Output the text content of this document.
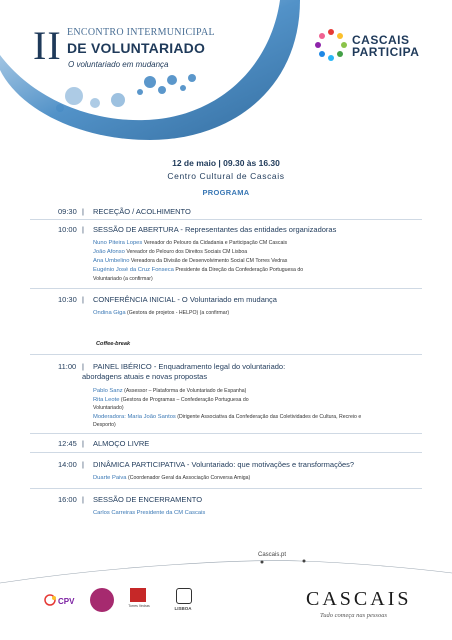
II ENCONTRO INTERMUNICIPAL
DE VOLUNTARIADO
O voluntariado em mudança
CASCAIS
PARTICIPA
12 de maio | 09.30 às 16.30
Centro Cultural de Cascais
PROGRAMA
09:30 | RECEÇÃO / ACOLHIMENTO
10:00 | SESSÃO DE ABERTURA - Representantes das entidades organizadoras
Nuno Piteira Lopes Vereador do Pelouro da Cidadania e Participação CM Cascais
João Afonso Vereador do Pelouro dos Direitos Sociais CM Lisboa
Ana Umbelino Vereadora da Divisão de Desenvolvimento Social CM Torres Vedras
Eugénio José da Cruz Fonseca Presidente da Direção da Confederação Portuguesa do
Voluntariado (a confirmar)
10:30 | CONFERÊNCIA INICIAL - O Voluntariado em mudança
Ondina Giga (Gestora de projetos - HELPO) (a confirmar)
Coffee-break
11:00 | PAINEL IBÉRICO - Enquadramento legal do voluntariado:
abordagens atuais e novas propostas
Pablo Sanz (Assessor – Plataforma de Voluntariado de Espanha)
Rita Leote (Gestora de Programas – Confederação Portuguesa do
Voluntariado)
Moderadora: Maria João Santos (Dirigente Associativa da Confederação das Coletividades de Cultura, Recreio e
Desporto)
12:45 | ALMOÇO LIVRE
14:00 | DINÂMICA PARTICIPATIVA - Voluntariado: que motivações e transformações?
Duarte Paiva (Coordenador Geral da Associação Conversa Amiga)
16:00 | SESSÃO DE ENCERRAMENTO
Carlos Carreiras Presidente da CM Cascais
Cascais.pt
CPV	Torres Vedras	LISBOA	CASCAIS
Tudo começa nas pessoas
